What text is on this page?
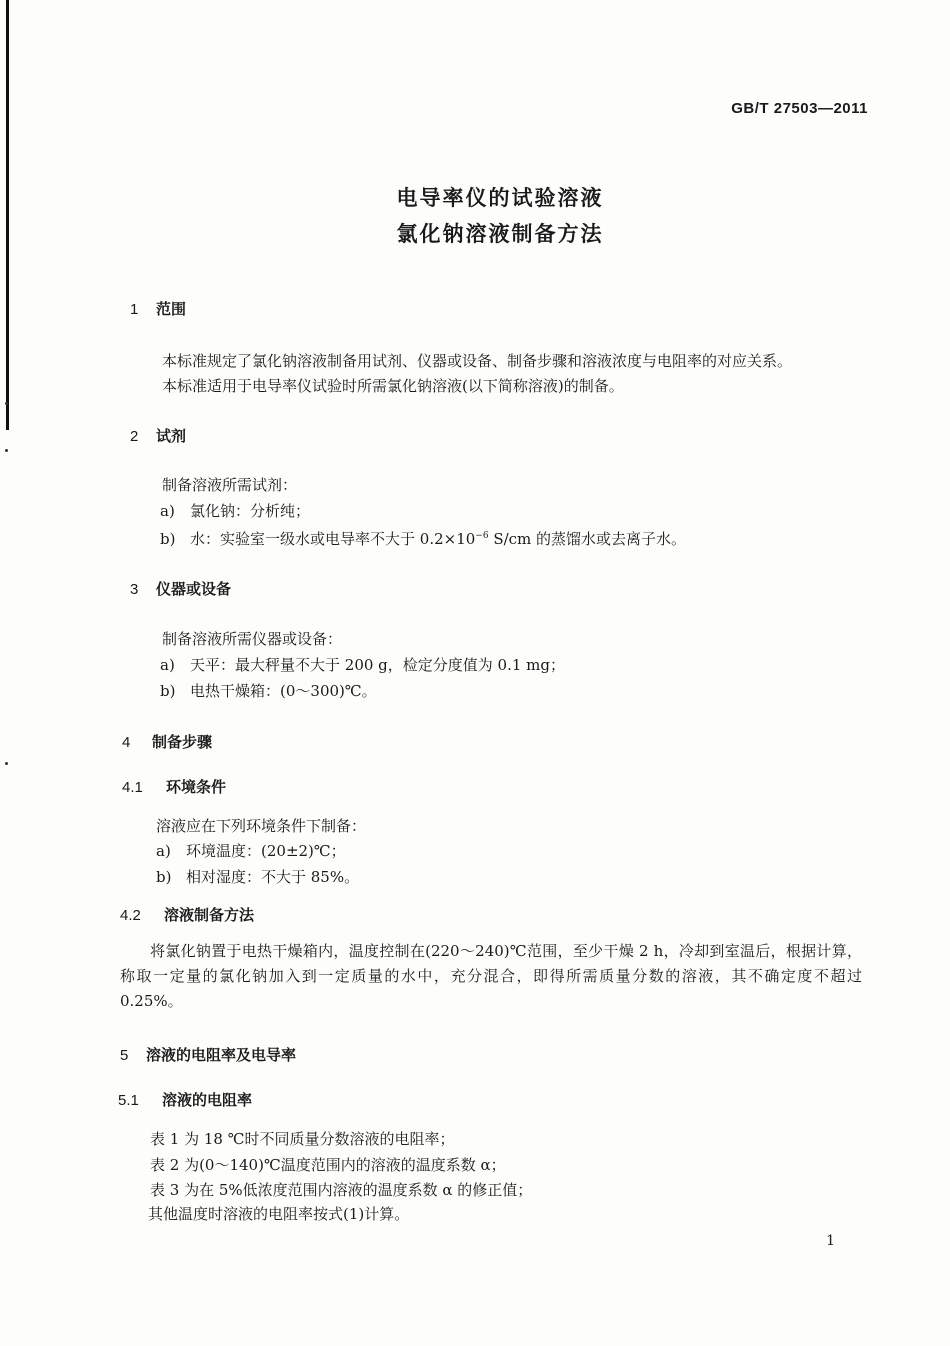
GB/T 27503—2011
电导率仪的试验溶液
氯化钠溶液制备方法
1 范围
本标准规定了氯化钠溶液制备用试剂、仪器或设备、制备步骤和溶液浓度与电阻率的对应关系。
本标准适用于电导率仪试验时所需氯化钠溶液(以下简称溶液)的制备。
2 试剂
制备溶液所需试剂：
a) 氯化钠：分析纯；
b) 水：实验室一级水或电导率不大于 $0.2\times 10^{-6}$ S/cm 的蒸馏水或去离子水。
3 仪器或设备
制备溶液所需仪器或设备：
a) 天平：最大秤量不大于 200 g，检定分度值为 0.1 mg；
b) 电热干燥箱：(0～300)℃。
4 制备步骤
4.1 环境条件
溶液应在下列环境条件下制备：
a) 环境温度：(20±2)℃；
b) 相对湿度：不大于 85%。
4.2 溶液制备方法
将氯化钠置于电热干燥箱内，温度控制在(220～240)℃范围，至少干燥 2 h，冷却到室温后，根据计算，称取一定量的氯化钠加入到一定质量的水中，充分混合，即得所需质量分数的溶液，其不确定度不超过 0.25%。
5 溶液的电阻率及电导率
5.1 溶液的电阻率
表 1 为 18 ℃时不同质量分数溶液的电阻率；
表 2 为(0～140)℃温度范围内的溶液的温度系数 α；
表 3 为在 5%低浓度范围内溶液的温度系数 α 的修正值；
其他温度时溶液的电阻率按式(1)计算。
1
